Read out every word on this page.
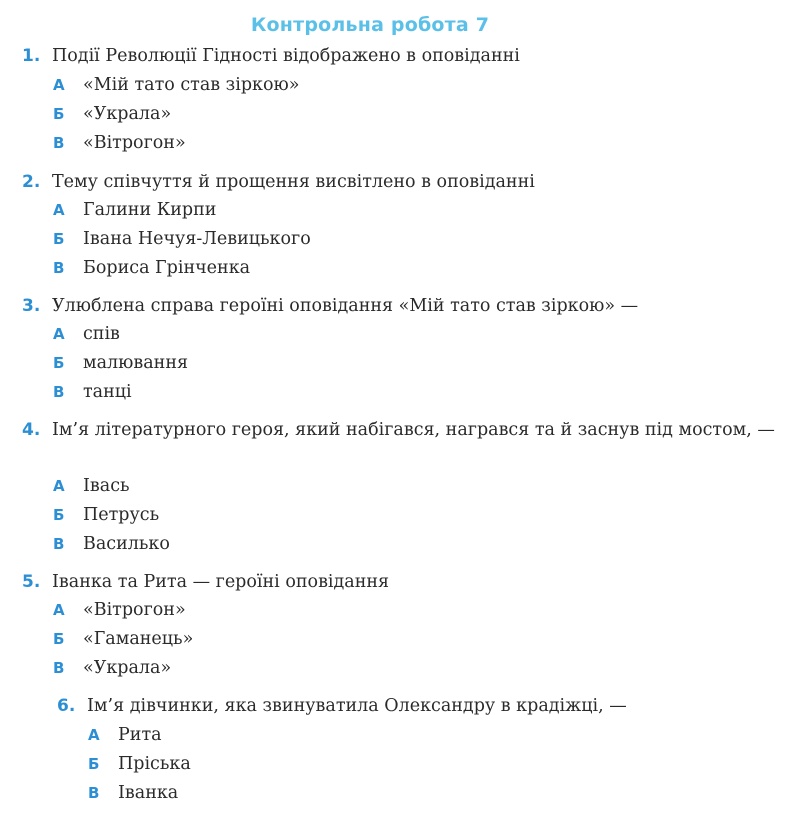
Контрольна робота 7
1. Події Революції Гідності відображено в оповіданні
А «Мій тато став зіркою»
Б «Украла»
В «Вітрогон»
2. Тему співчуття й прощення висвітлено в оповіданні
А Галини Кирпи
Б Івана Нечуя-Левицького
В Бориса Грінченка
3. Улюблена справа героїні оповідання «Мій тато став зіркою» —
А спів
Б малювання
В танці
4. Ім’я літературного героя, який набігався, награвся та й заснув під мостом, —
А Івась
Б Петрусь
В Василько
5. Іванка та Рита — героїні оповідання
А «Вітрогон»
Б «Гаманець»
В «Украла»
6. Ім’я дівчинки, яка звинуватила Олександру в крадіжці, —
А Рита
Б Пріська
В Іванка
